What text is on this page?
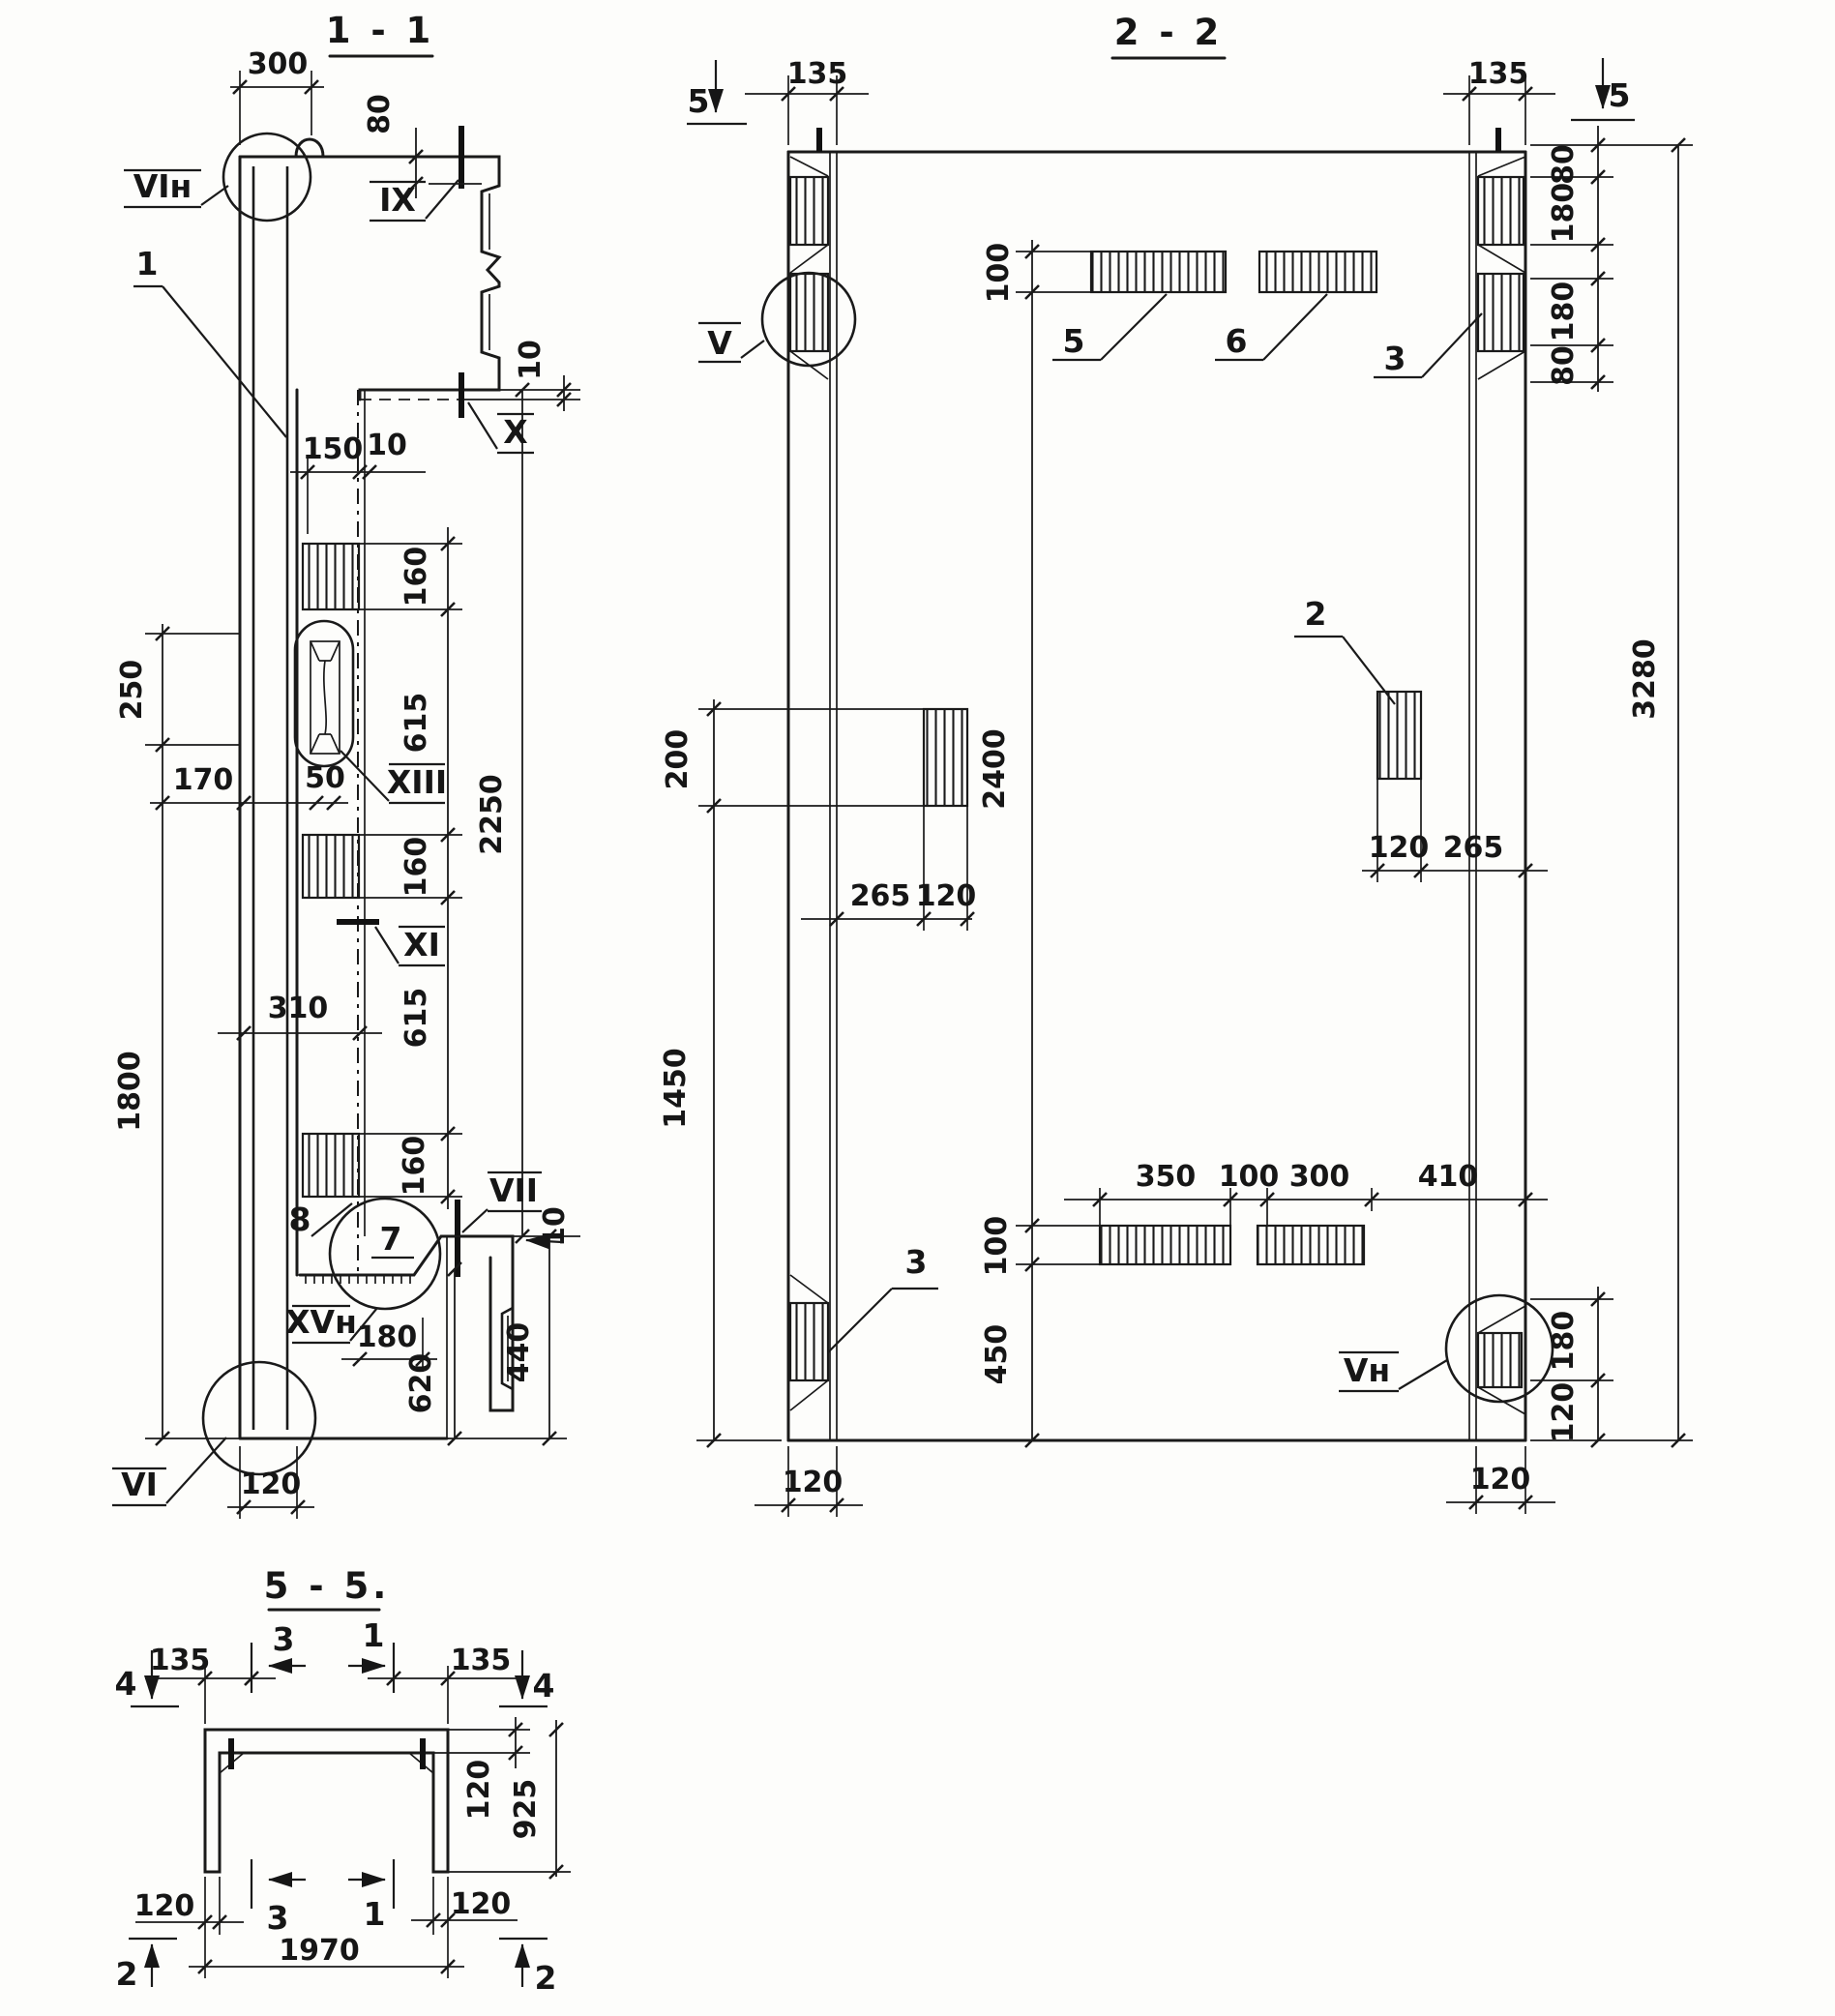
1 - 1
300
80
10
150 10
160
615
160
615
160
2250
250
1800
170 50
310
180
620
440
10
120
VIн	IX
X
1
XIII
XI
8
7
VII
XVн
VI
2 - 2
5	5
135	135
80
180
180
80
3280
100
2400
100
450
200
1450
265 120
120 265
350 100 300 410
180
120
120	120
5	6	3
2
3
V
Vн
5 - 5.
3 1
3 1
4	4
2	2
135	135
120 925
120	120
1970
